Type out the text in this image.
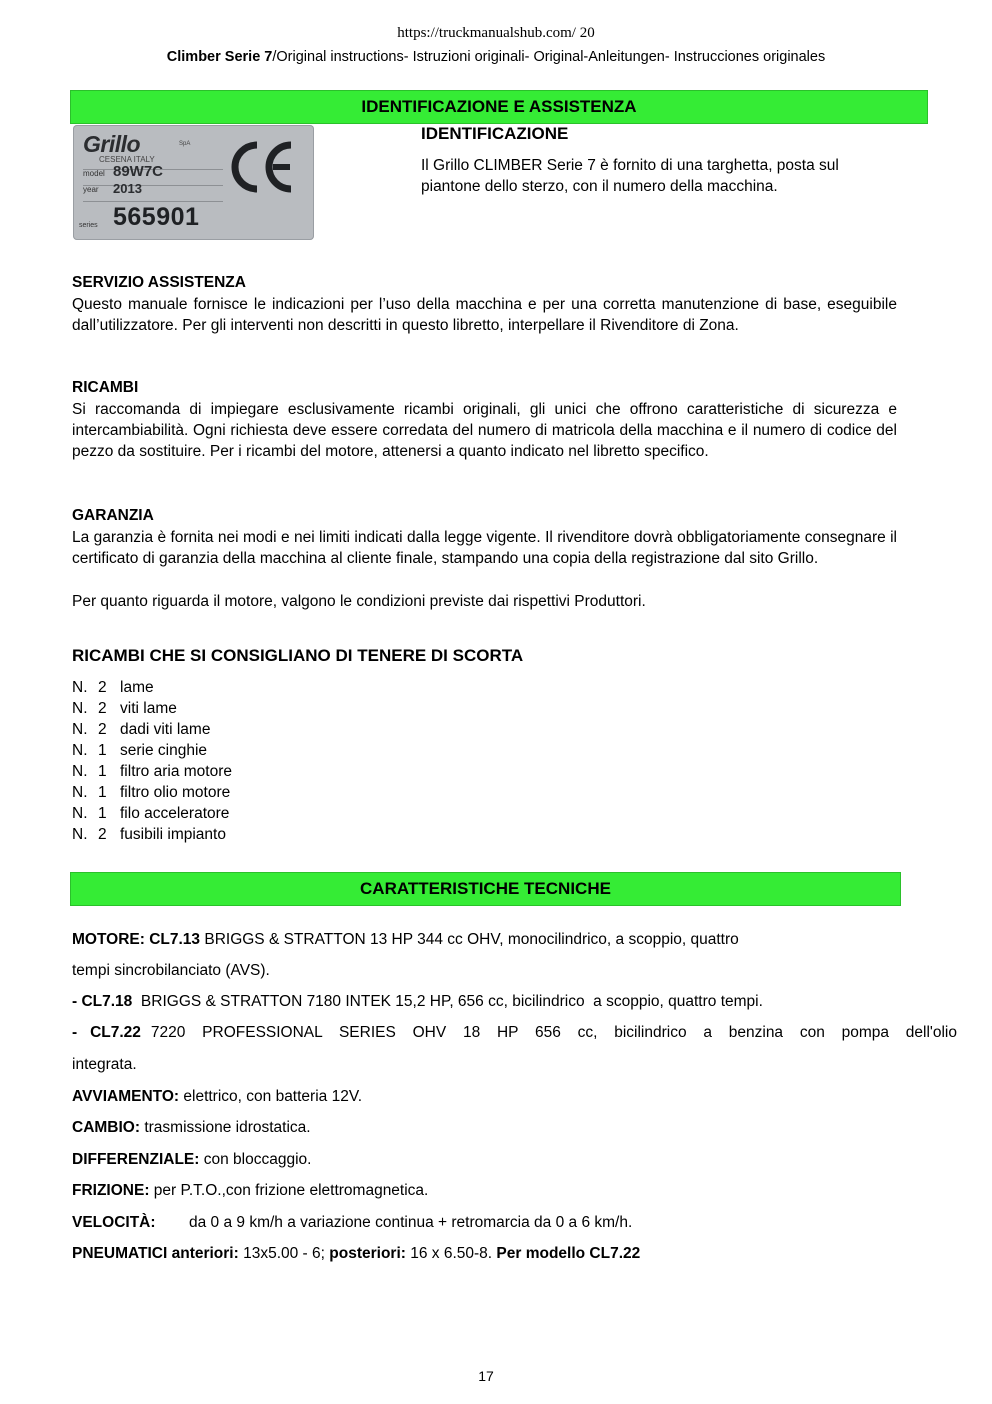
https://truckmanualshub.com/ 20
Climber Serie 7/Original instructions- Istruzioni originali- Original-Anleitungen- Instrucciones originales
IDENTIFICAZIONE E ASSISTENZA
Grillo	SpA
CESENA ITALY
model 89W7C
year 2013
series 565901
IDENTIFICAZIONE
Il Grillo CLIMBER Serie 7 è fornito di una targhetta, posta sul piantone dello sterzo, con il numero della macchina.
SERVIZIO ASSISTENZA
Questo manuale fornisce le indicazioni per l’uso della macchina e per una corretta manutenzione di base, eseguibile dall’utilizzatore. Per gli interventi non descritti in questo libretto, interpellare il Rivenditore di Zona.
RICAMBI
Si raccomanda di impiegare esclusivamente ricambi originali, gli unici che offrono caratteristiche di sicurezza e intercambiabilità. Ogni richiesta deve essere corredata del numero di matricola della macchina e il numero di codice del pezzo da sostituire. Per i ricambi del motore, attenersi a quanto indicato nel libretto specifico.
GARANZIA
La garanzia è fornita nei modi e nei limiti indicati dalla legge vigente. Il rivenditore dovrà obbligatoriamente consegnare il certificato di garanzia della macchina al cliente finale, stampando una copia della registrazione dal sito Grillo.
Per quanto riguarda il motore, valgono le condizioni previste dai rispettivi Produttori.
RICAMBI CHE SI CONSIGLIANO DI TENERE DI SCORTA
N. 2 lame
N. 2 viti lame
N. 2 dadi viti lame
N. 1 serie cinghie
N. 1 filtro aria motore
N. 1 filtro olio motore
N. 1 filo acceleratore
N. 2 fusibili impianto
CARATTERISTICHE TECNICHE
MOTORE: CL7.13 BRIGGS & STRATTON 13 HP 344 cc OHV, monocilindrico, a scoppio, quattro
tempi sincrobilanciato (AVS).
- CL7.18  BRIGGS & STRATTON 7180 INTEK 15,2 HP, 656 cc, bicilindrico  a scoppio, quattro tempi.
-   CL7.22 7220 PROFESSIONAL SERIES OHV 18 HP 656 cc, bicilindrico a benzina con pompa dell'olio
integrata.
AVVIAMENTO: elettrico, con batteria 12V.
CAMBIO: trasmissione idrostatica.
DIFFERENZIALE: con bloccaggio.
FRIZIONE: per P.T.O.,con frizione elettromagnetica.
VELOCITÀ: da 0 a 9 km/h a variazione continua + retromarcia da 0 a 6 km/h.
PNEUMATICI anteriori: 13x5.00 - 6; posteriori: 16 x 6.50-8. Per modello CL7.22
17
